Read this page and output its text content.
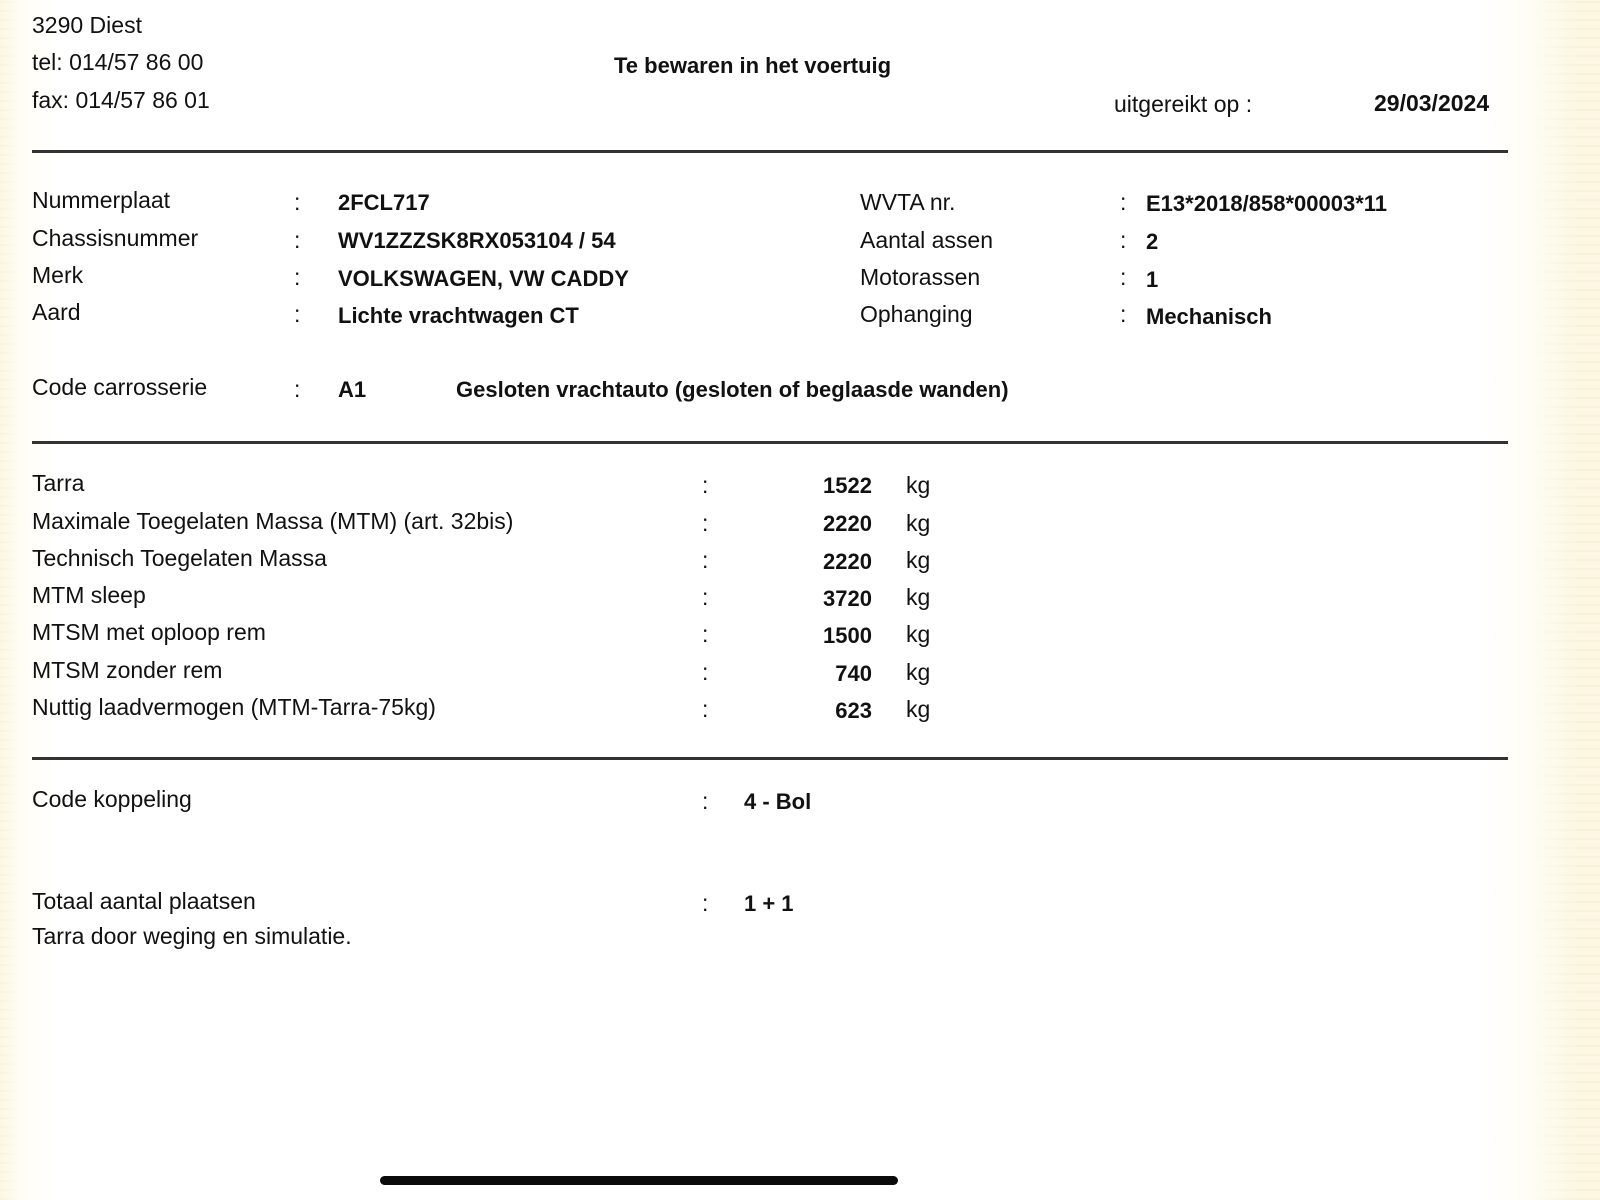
3290 Diest
tel: 014/57 86 00
fax: 014/57 86 01
Te bewaren in het voertuig
uitgereikt op :	29/03/2024
Nummerplaat	: 2FCL717
Chassisnummer	: WV1ZZZSK8RX053104 / 54
Merk	: VOLKSWAGEN, VW CADDY
Aard	: Lichte vrachtwagen CT
WVTA nr.	: E13*2018/858*00003*11
Aantal assen	: 2
Motorassen	: 1
Ophanging	: Mechanisch
Code carrosserie	: A1	Gesloten vrachtauto (gesloten of beglaasde wanden)
Tarra	:	1522 kg
Maximale Toegelaten Massa (MTM) (art. 32bis)	:	2220 kg
Technisch Toegelaten Massa	:	2220 kg
MTM sleep	:	3720 kg
MTSM met oploop rem	:	1500 kg
MTSM zonder rem	:	740 kg
Nuttig laadvermogen (MTM-Tarra-75kg)	:	623 kg
Code koppeling	: 4 - Bol
Totaal aantal plaatsen	: 1 + 1
Tarra door weging en simulatie.
